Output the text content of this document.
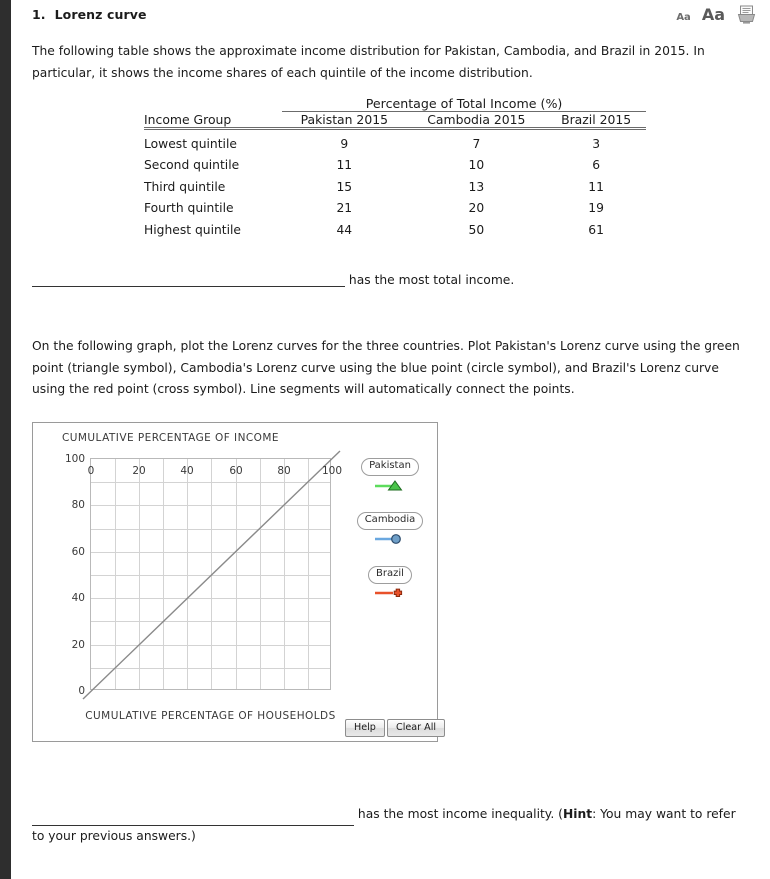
1. Lorenz curve	Aa Aa
The following table shows the approximate income distribution for Pakistan, Cambodia, and Brazil in 2015. In particular, it shows the income shares of each quintile of the income distribution.
	Percentage of Total Income (%)		
Income Group	Pakistan 2015	Cambodia 2015	Brazil 2015
Lowest quintile	9	7	3
Second quintile	11	10	6
Third quintile	15	13	11
Fourth quintile	21	20	19
Highest quintile	44	50	61
has the most total income.
On the following graph, plot the Lorenz curves for the three countries. Plot Pakistan's Lorenz curve using the green point (triangle symbol), Cambodia's Lorenz curve using the blue point (circle symbol), and Brazil's Lorenz curve using the red point (cross symbol). Line segments will automatically connect the points.
CUMULATIVE PERCENTAGE OF INCOME
0
20
40
60
80
100
0	20	40	60	80	100
CUMULATIVE PERCENTAGE OF HOUSEHOLDS
Pakistan
Cambodia
Brazil
Help	Clear All
has the most income inequality. (Hint: You may want to refer to your previous answers.)
